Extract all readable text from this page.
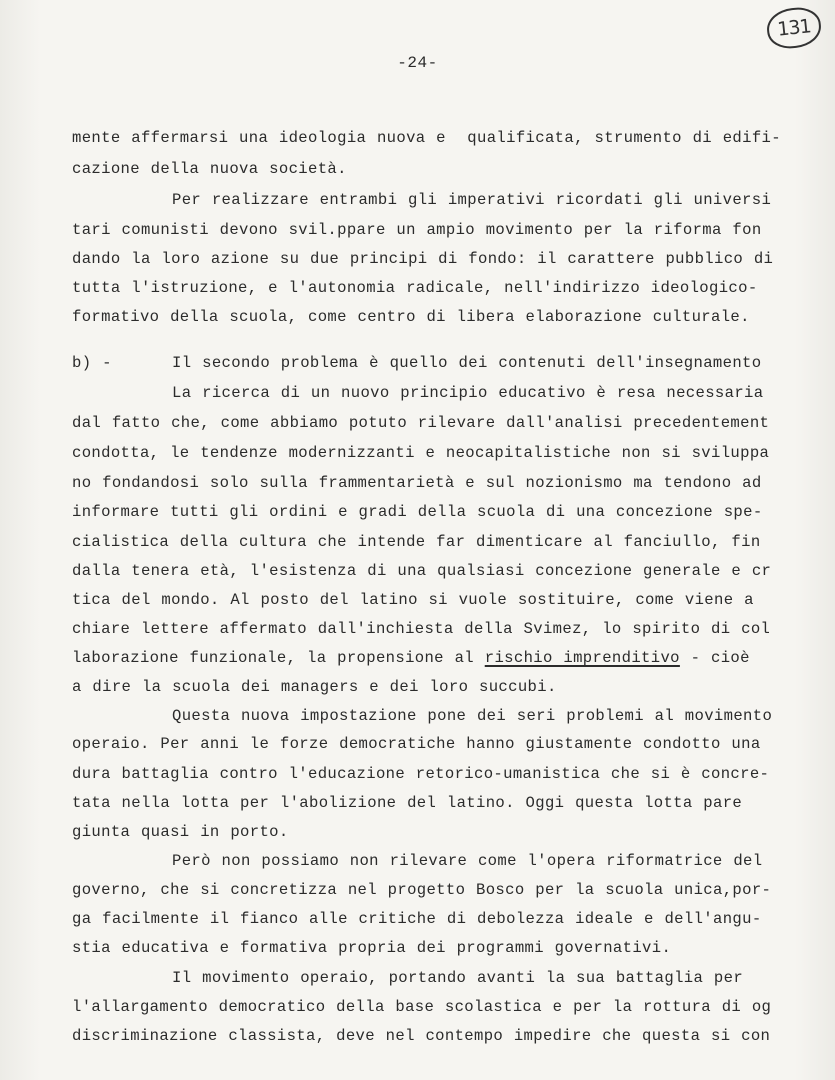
131
-24-
mente affermarsi una ideologia nuova e  qualificata, strumento di edifi-
cazione della nuova società.
Per realizzare entrambi gli imperativi ricordati gli universi
tari comunisti devono svil.ppare un ampio movimento per la riforma fon
dando la loro azione su due principi di fondo: il carattere pubblico di
tutta l'istruzione, e l'autonomia radicale, nell'indirizzo ideologico-
formativo della scuola, come centro di libera elaborazione culturale.
b) -	Il secondo problema è quello dei contenuti dell'insegnamento
La ricerca di un nuovo principio educativo è resa necessaria
dal fatto che, come abbiamo potuto rilevare dall'analisi precedentement
condotta, le tendenze modernizzanti e neocapitalistiche non si sviluppa
no fondandosi solo sulla frammentarietà e sul nozionismo ma tendono ad
informare tutti gli ordini e gradi della scuola di una concezione spe-
cialistica della cultura che intende far dimenticare al fanciullo, fin
dalla tenera età, l'esistenza di una qualsiasi concezione generale e cr
tica del mondo. Al posto del latino si vuole sostituire, come viene a
chiare lettere affermato dall'inchiesta della Svimez, lo spirito di col
laborazione funzionale, la propensione al rischio imprenditivo - cioè
a dire la scuola dei managers e dei loro succubi.
Questa nuova impostazione pone dei seri problemi al movimento
operaio. Per anni le forze democratiche hanno giustamente condotto una
dura battaglia contro l'educazione retorico-umanistica che si è concre-
tata nella lotta per l'abolizione del latino. Oggi questa lotta pare
giunta quasi in porto.
Però non possiamo non rilevare come l'opera riformatrice del
governo, che si concretizza nel progetto Bosco per la scuola unica,por-
ga facilmente il fianco alle critiche di debolezza ideale e dell'angu-
stia educativa e formativa propria dei programmi governativi.
Il movimento operaio, portando avanti la sua battaglia per
l'allargamento democratico della base scolastica e per la rottura di og
discriminazione classista, deve nel contempo impedire che questa si con
